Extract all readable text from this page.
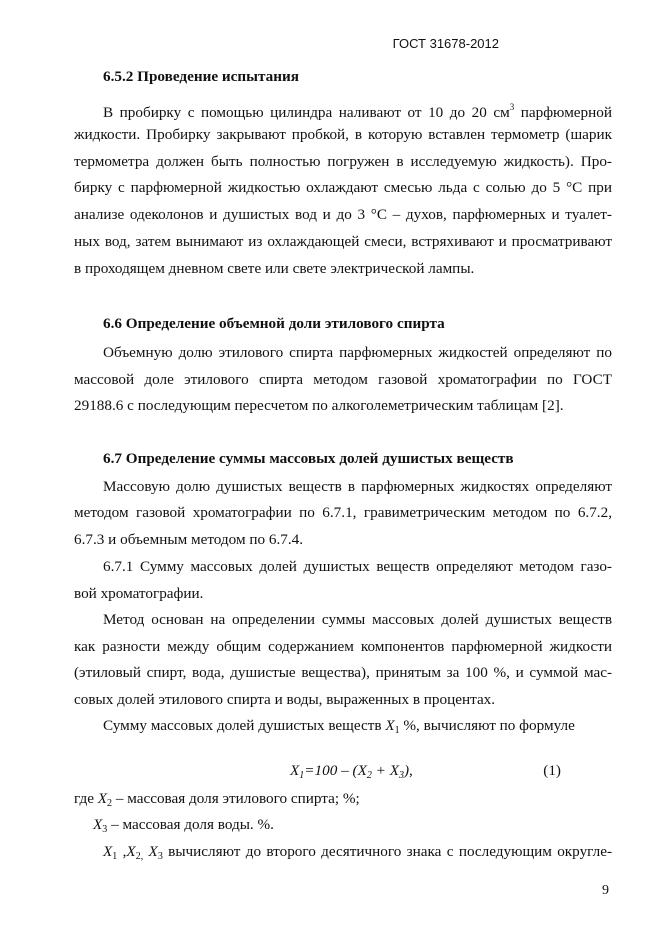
ГОСТ 31678-2012
6.5.2 Проведение испытания
В пробирку с помощью цилиндра наливают от 10 до 20 $см^3$ парфюмерной
жидкости. Пробирку закрывают пробкой, в которую вставлен термометр (шарик
термометра должен быть полностью погружен в исследуемую жидкость). Про-
бирку с парфюмерной жидкостью охлаждают смесью льда с солью до 5 °С при
анализе одеколонов и душистых вод и до 3 °С – духов, парфюмерных и туалет-
ных вод, затем вынимают из охлаждающей смеси, встряхивают и просматривают
в проходящем дневном свете или свете электрической лампы.
6.6 Определение объемной доли этилового спирта
Объемную долю этилового спирта парфюмерных жидкостей определяют по
массовой доле этилового спирта методом газовой хроматографии по ГОСТ
29188.6 с последующим пересчетом по алкоголеметрическим таблицам [2].
6.7 Определение суммы массовых долей душистых веществ
Массовую долю душистых веществ в парфюмерных жидкостях определяют
методом газовой хроматографии по 6.7.1, гравиметрическим методом по 6.7.2,
6.7.3 и объемным методом по 6.7.4.
6.7.1 Сумму массовых долей душистых веществ определяют методом газо-
вой хроматографии.
Метод основан на определении суммы массовых долей душистых веществ
как разности между общим содержанием компонентов парфюмерной жидкости
(этиловый спирт, вода, душистые вещества), принятым за 100 %, и суммой мас-
совых долей этилового спирта и воды, выраженных в процентах.
Сумму массовых долей душистых веществ $X_1$ %, вычисляют по формуле
$X_1=100 - (X_2 + X_3)$,	(1)
где $X_2$ – массовая доля этилового спирта; %;
$X_3$ – массовая доля воды. %.
$X_1$ $,X_{2,}$ $X_3$ вычисляют до второго десятичного знака с последующим округле-
9
